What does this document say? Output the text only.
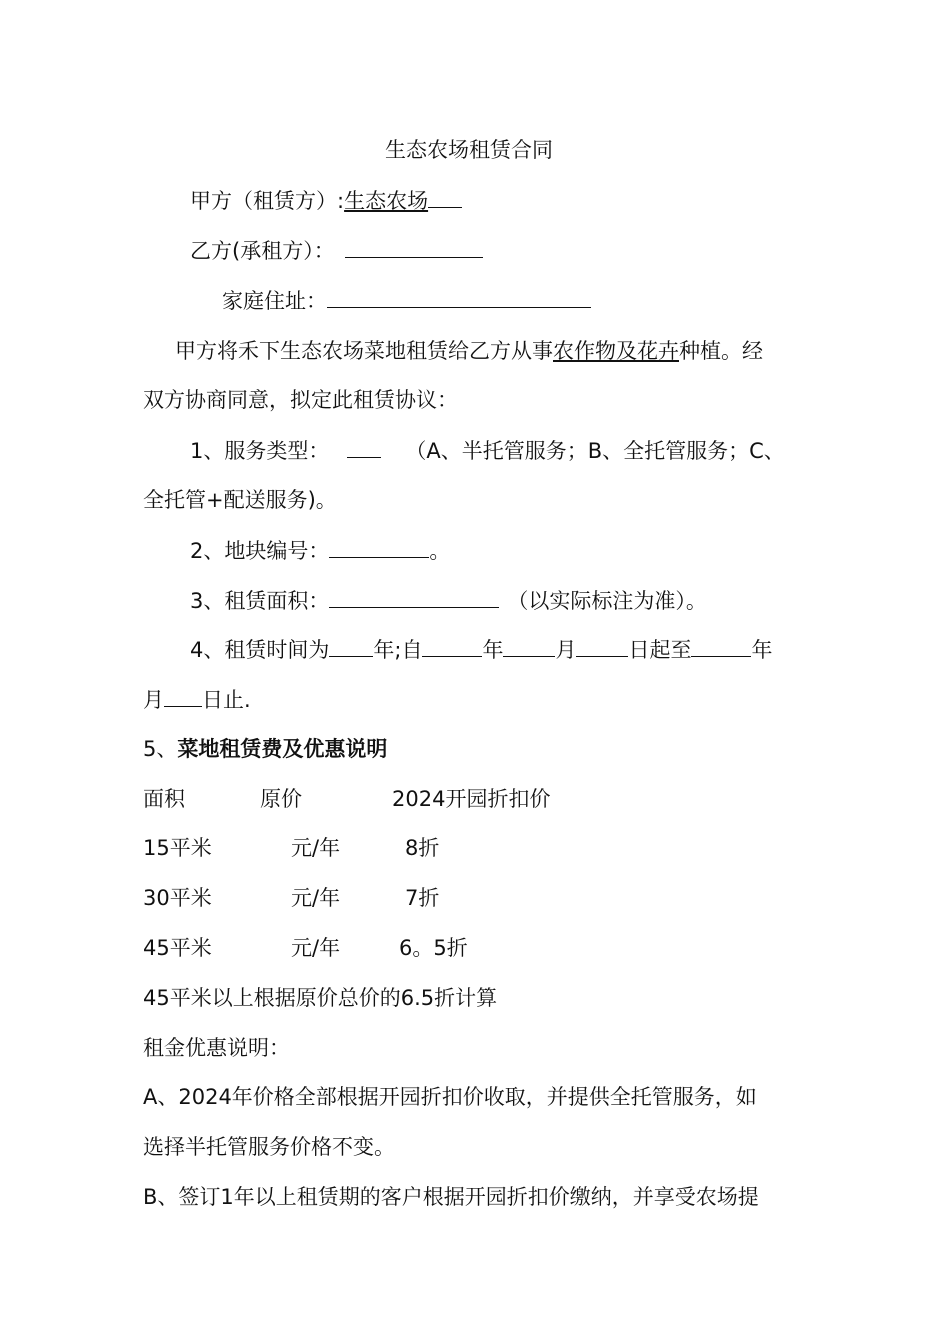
生态农场租赁合同
甲方（租赁方）:生态农场
乙方(承租方）：
家庭住址：
甲方将禾下生态农场菜地租赁给乙方从事农作物及花卉种植。经
双方协商同意，拟定此租赁协议：
1、服务类型：	（A、半托管服务；B、全托管服务；C、
全托管+配送服务)。
2、地块编号：	。
3、租赁面积：	（以实际标注为准）。
4、租赁时间为 年;自	年 月 日起至	年
月 日止.
5、菜地租赁费及优惠说明
面积	原价	2024开园折扣价
15平米	元/年	8折
30平米	元/年	7折
45平米	元/年	6。5折
45平米以上根据原价总价的6.5折计算
租金优惠说明：
A、2024年价格全部根据开园折扣价收取，并提供全托管服务，如
选择半托管服务价格不变。
B、签订1年以上租赁期的客户根据开园折扣价缴纳，并享受农场提
